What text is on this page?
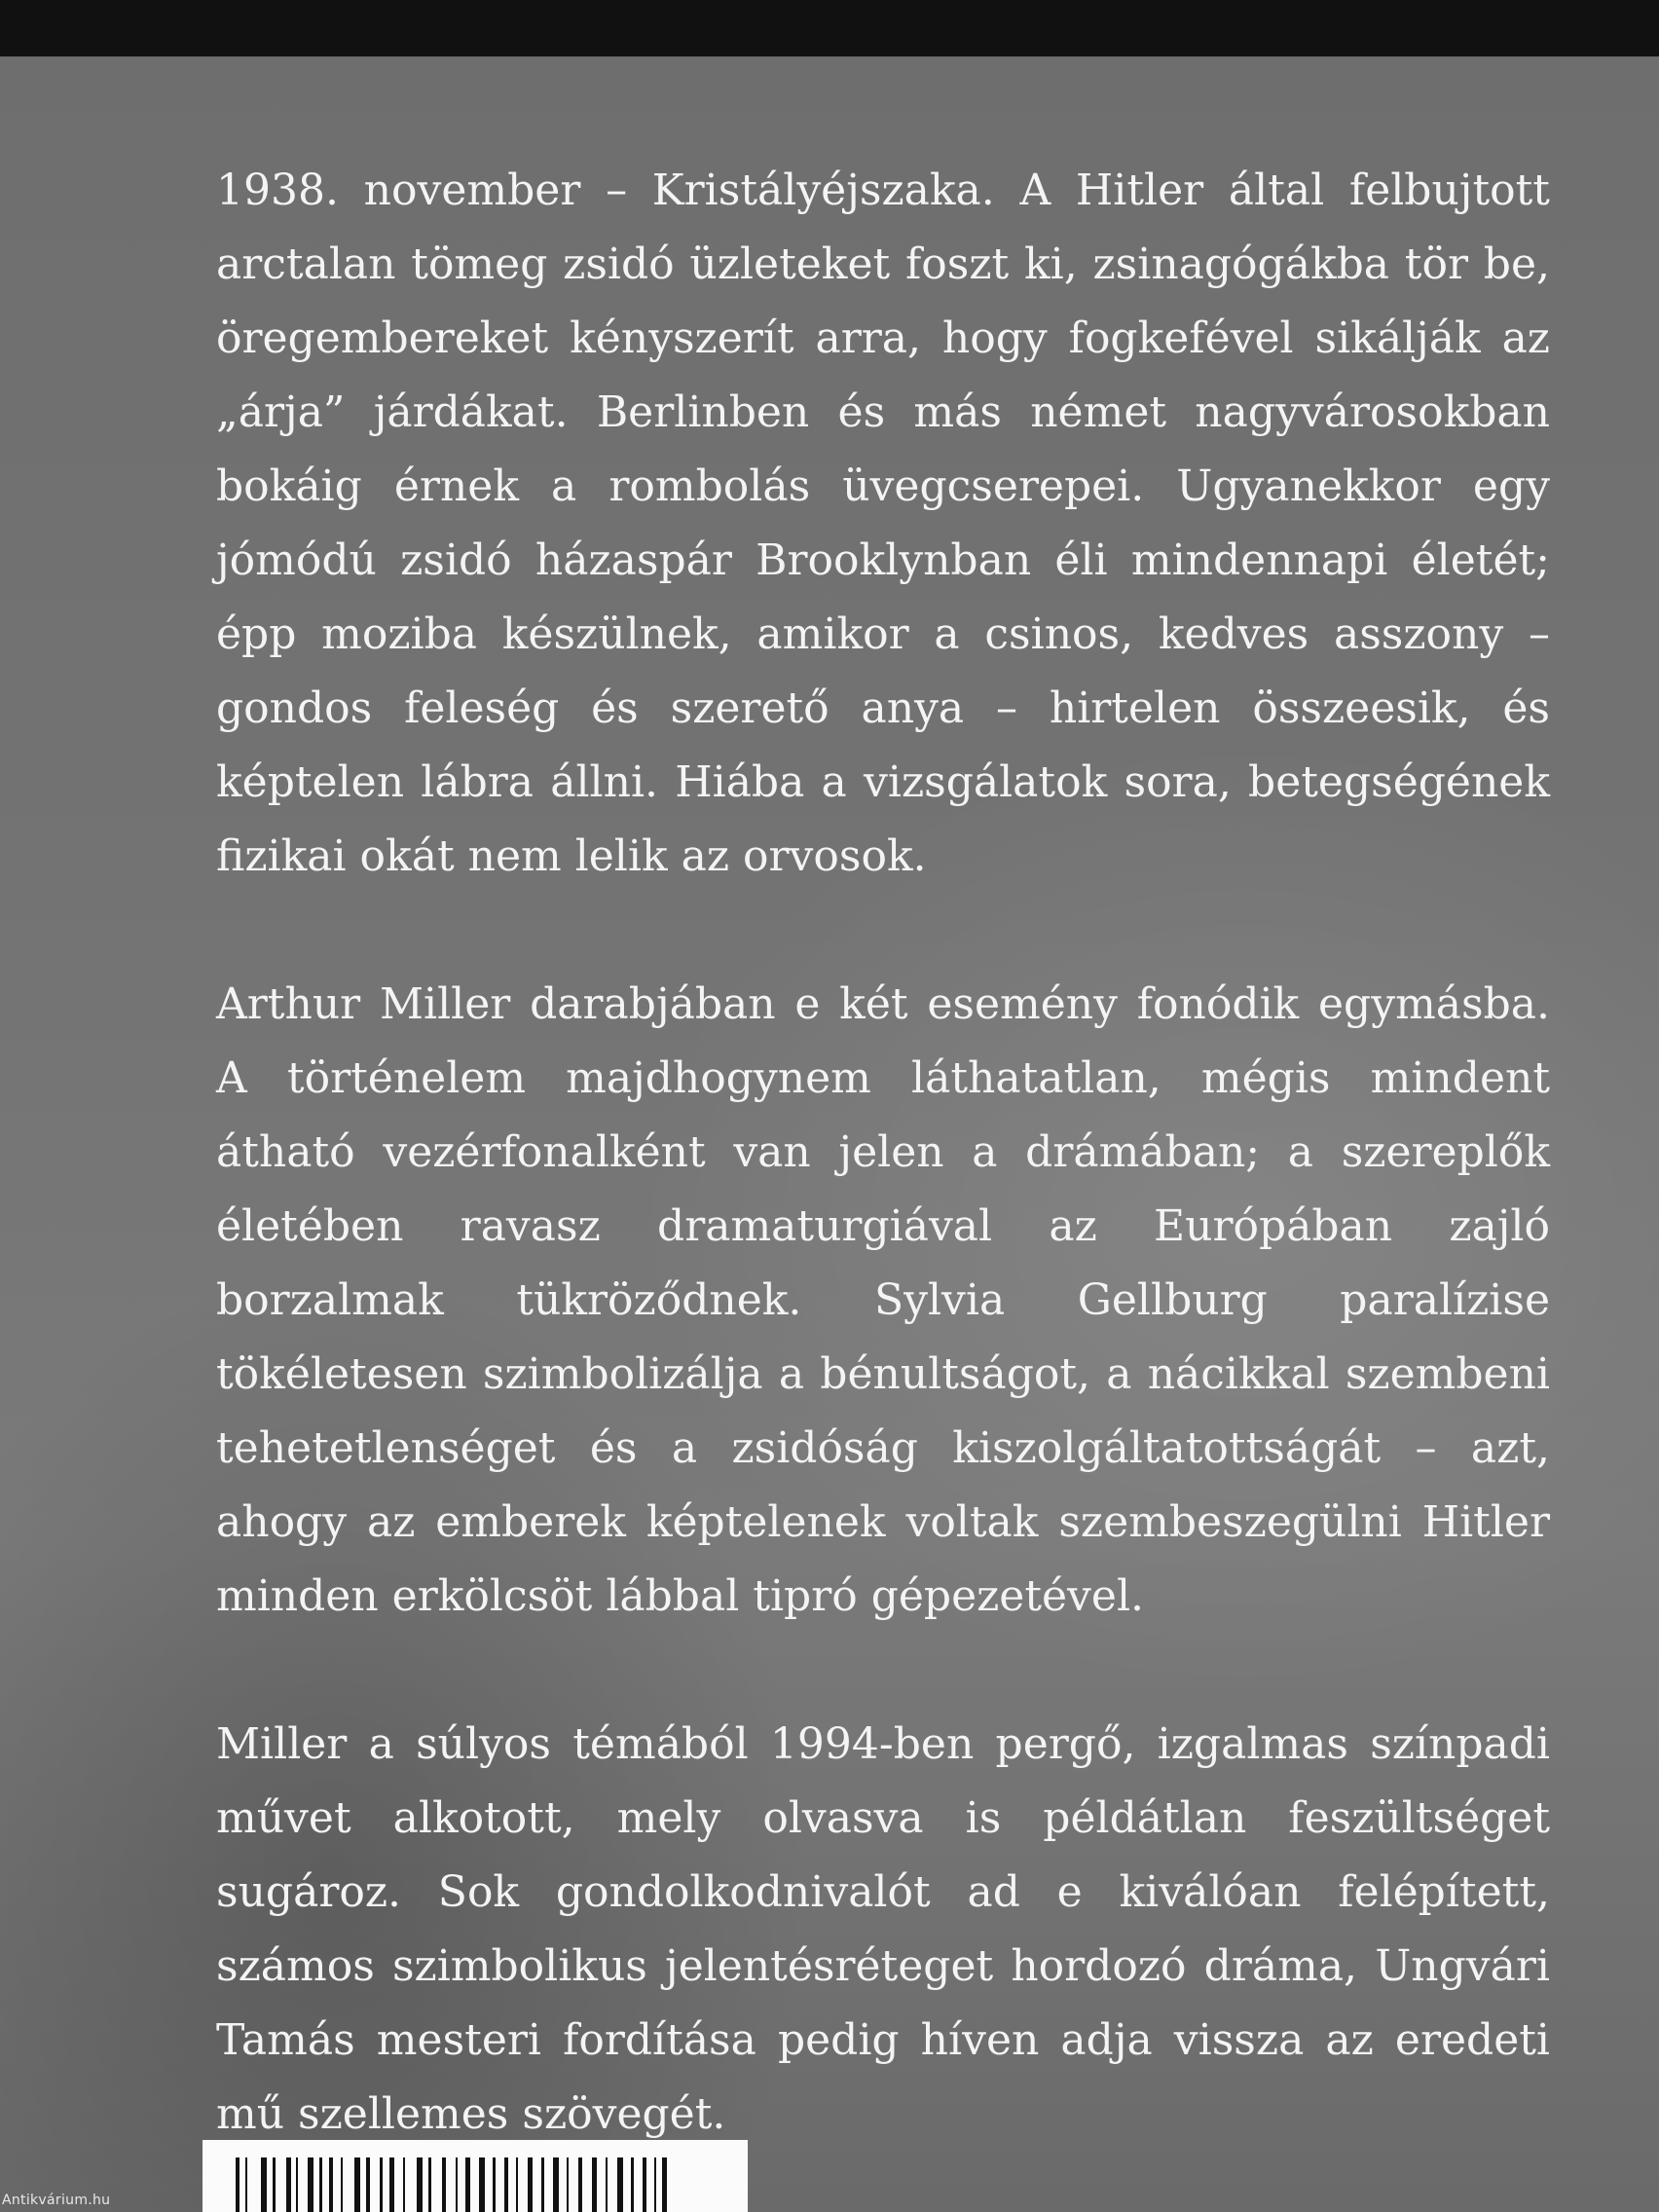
1938. november – Kristályéjszaka. A Hitler által felbujtott arctalan tömeg zsidó üzleteket foszt ki, zsinagógákba tör be, öregembereket kényszerít arra, hogy fogkefével sikálják az „árja” járdákat. Berlinben és más német nagyvárosokban bokáig érnek a rombolás üvegcserepei. Ugyanekkor egy jómódú zsidó házaspár Brooklynban éli mindennapi életét; épp moziba készülnek, amikor a csinos, kedves asszony – gondos feleség és szerető anya – hirtelen összeesik, és képtelen lábra állni. Hiába a vizsgálatok sora, betegségének fizikai okát nem lelik az orvosok.

Arthur Miller darabjában e két esemény fonódik egymásba. A történelem majdhogynem láthatatlan, mégis mindent átható vezérfonalként van jelen a drámában; a szereplők életében ravasz dramaturgiával az Európában zajló borzalmak tükröződnek. Sylvia Gellburg paralízise tökéletesen szimbolizálja a bénultságot, a nácikkal szembeni tehetetlenséget és a zsidóság kiszolgáltatottságát – azt, ahogy az emberek képtelenek voltak szembeszegülni Hitler minden erkölcsöt lábbal tipró gépezetével.

Miller a súlyos témából 1994-ben pergő, izgalmas színpadi művet alkotott, mely olvasva is példátlan feszültséget sugároz. Sok gondolkodnivalót ad e kiválóan felépített, számos szimbolikus jelentésréteget hordozó dráma, Ungvári Tamás mesteri fordítása pedig híven adja vissza az eredeti mű szellemes szövegét.

Antikvárium.hu
